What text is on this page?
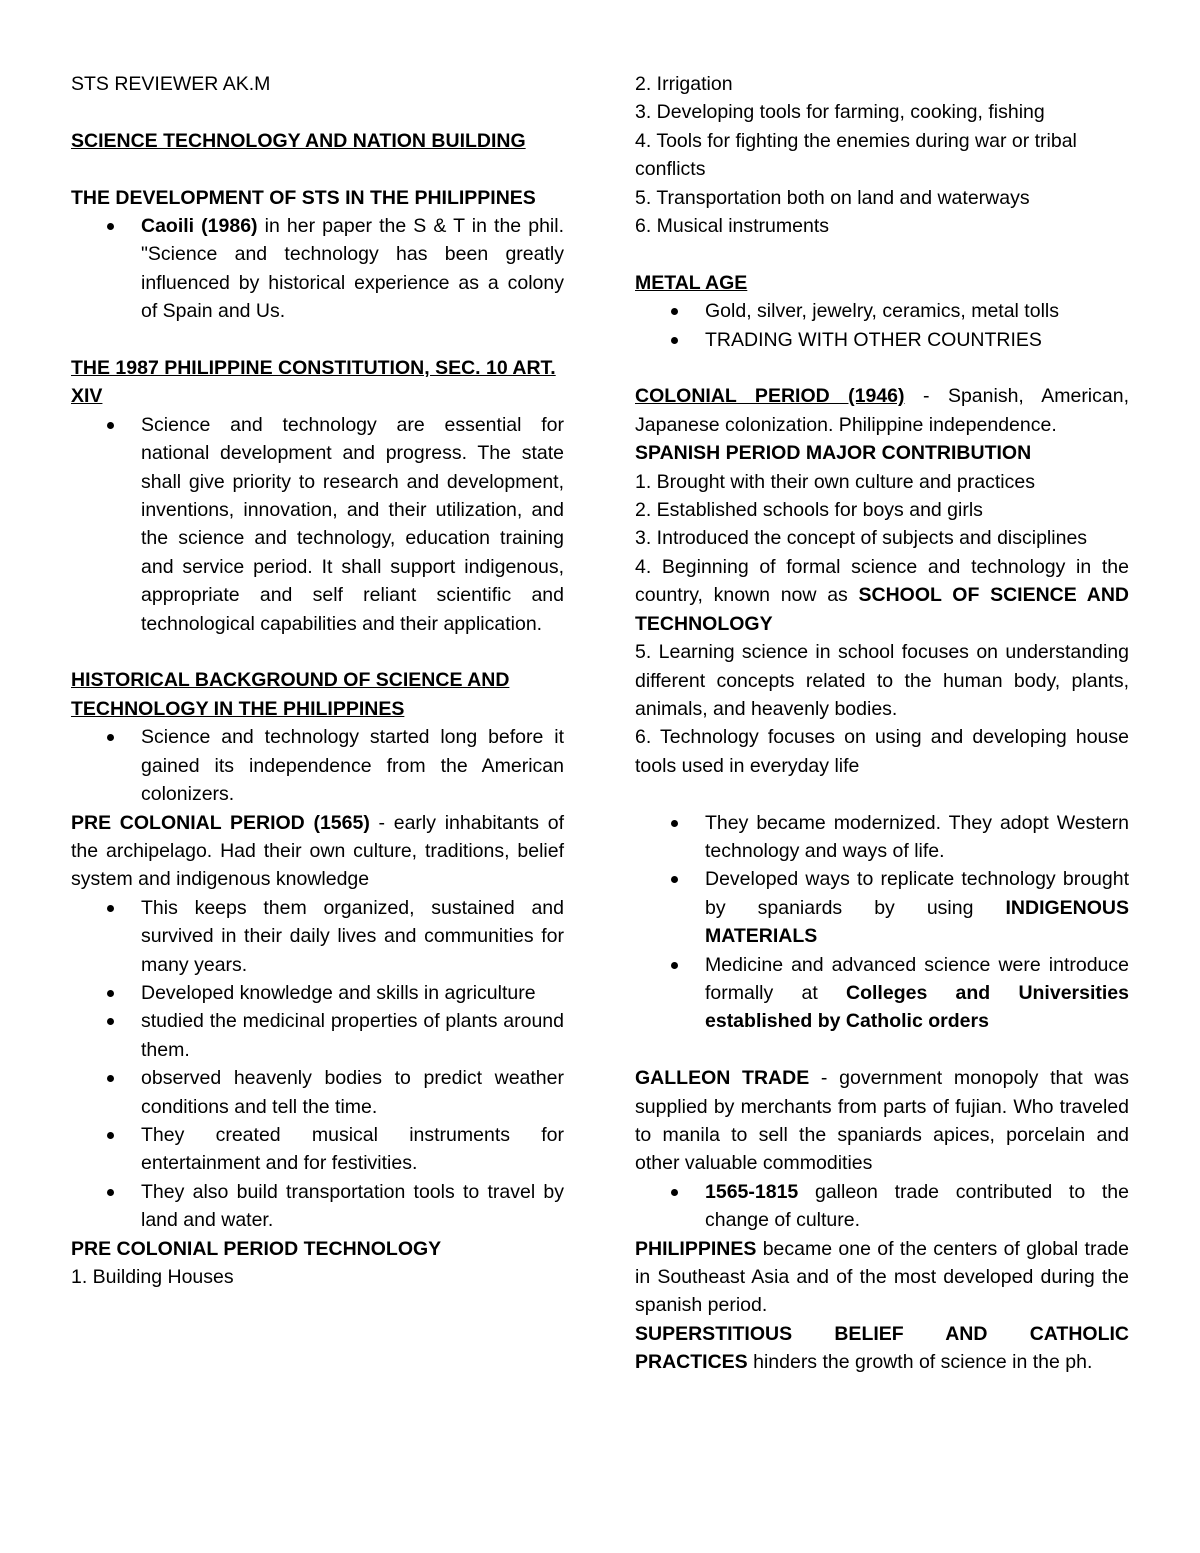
STS REVIEWER AK.M

SCIENCE TECHNOLOGY AND NATION BUILDING

THE DEVELOPMENT OF STS IN THE PHILIPPINES

Caoili (1986) in her paper the S & T in the phil. "Science and technology has been greatly influenced by historical experience as a colony of Spain and Us.

THE 1987 PHILIPPINE CONSTITUTION, SEC. 10 ART. XIV

Science and technology are essential for national development and progress. The state shall give priority to research and development, inventions, innovation, and their utilization, and the science and technology, education training and service period. It shall support indigenous, appropriate and self reliant scientific and technological capabilities and their application.

HISTORICAL BACKGROUND OF SCIENCE AND TECHNOLOGY IN THE PHILIPPINES

Science and technology started long before it gained its independence from the American colonizers.

PRE COLONIAL PERIOD (1565) - early inhabitants of the archipelago. Had their own culture, traditions, belief system and indigenous knowledge

This keeps them organized, sustained and survived in their daily lives and communities for many years.
Developed knowledge and skills in agriculture
studied the medicinal properties of plants around them.
observed heavenly bodies to predict weather conditions and tell the time.
They created musical instruments for entertainment and for festivities.
They also build transportation tools to travel by land and water.

PRE COLONIAL PERIOD TECHNOLOGY

1. Building Houses

2. Irrigation

3. Developing tools for farming, cooking, fishing

4. Tools for fighting the enemies during war or tribal conflicts

5. Transportation both on land and waterways

6. Musical instruments

METAL AGE

Gold, silver, jewelry, ceramics, metal tolls
TRADING WITH OTHER COUNTRIES

COLONIAL PERIOD (1946) - Spanish, American, Japanese colonization. Philippine independence.

SPANISH PERIOD MAJOR CONTRIBUTION

1. Brought with their own culture and practices

2. Established schools for boys and girls

3. Introduced the concept of subjects and disciplines

4. Beginning of formal science and technology in the country, known now as SCHOOL OF SCIENCE AND TECHNOLOGY

5. Learning science in school focuses on understanding different concepts related to the human body, plants, animals, and heavenly bodies.

6. Technology focuses on using and developing house tools used in everyday life

They became modernized. They adopt Western technology and ways of life.
Developed ways to replicate technology brought by spaniards by using INDIGENOUS MATERIALS
Medicine and advanced science were introduce formally at Colleges and Universities established by Catholic orders

GALLEON TRADE - government monopoly that was supplied by merchants from parts of fujian. Who traveled to manila to sell the spaniards apices, porcelain and other valuable commodities

1565-1815 galleon trade contributed to the change of culture.

PHILIPPINES became one of the centers of global trade in Southeast Asia and of the most developed during the spanish period.

SUPERSTITIOUS BELIEF AND CATHOLIC PRACTICES hinders the growth of science in the ph.
